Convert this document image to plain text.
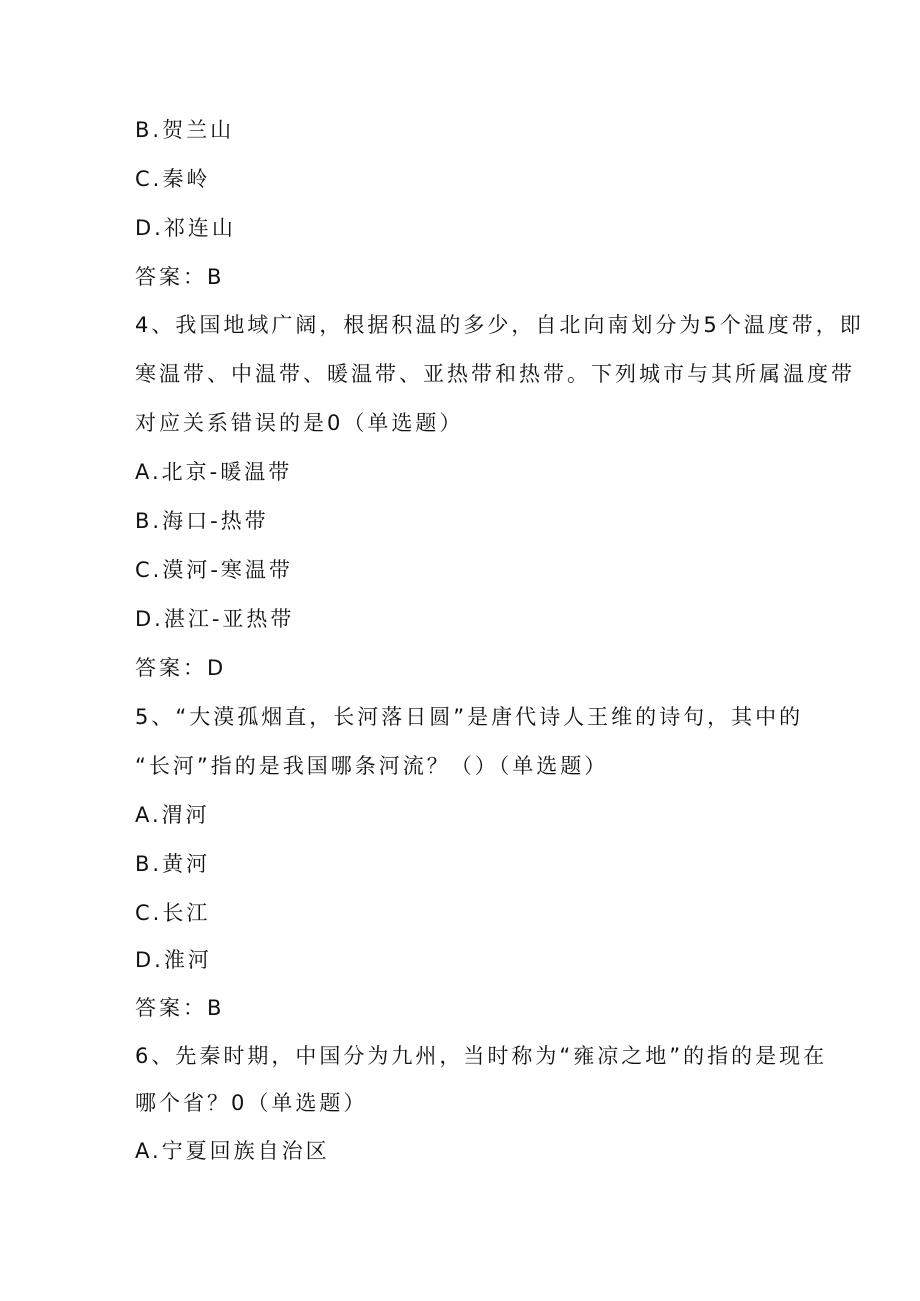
B.贺兰山

C.秦岭

D.祁连山

答案：B

4、我国地域广阔，根据积温的多少，自北向南划分为5个温度带，即

寒温带、中温带、暖温带、亚热带和热带。下列城市与其所属温度带

对应关系错误的是0（单选题）

A.北京-暖温带

B.海口-热带

C.漠河-寒温带

D.湛江-亚热带

答案：D

5、“大漠孤烟直，长河落日圆”是唐代诗人王维的诗句，其中的

“长河”指的是我国哪条河流？（）（单选题）

A.渭河

B.黄河

C.长江

D.淮河

答案：B

6、先秦时期，中国分为九州，当时称为“雍凉之地”的指的是现在

哪个省？0（单选题）

A.宁夏回族自治区
